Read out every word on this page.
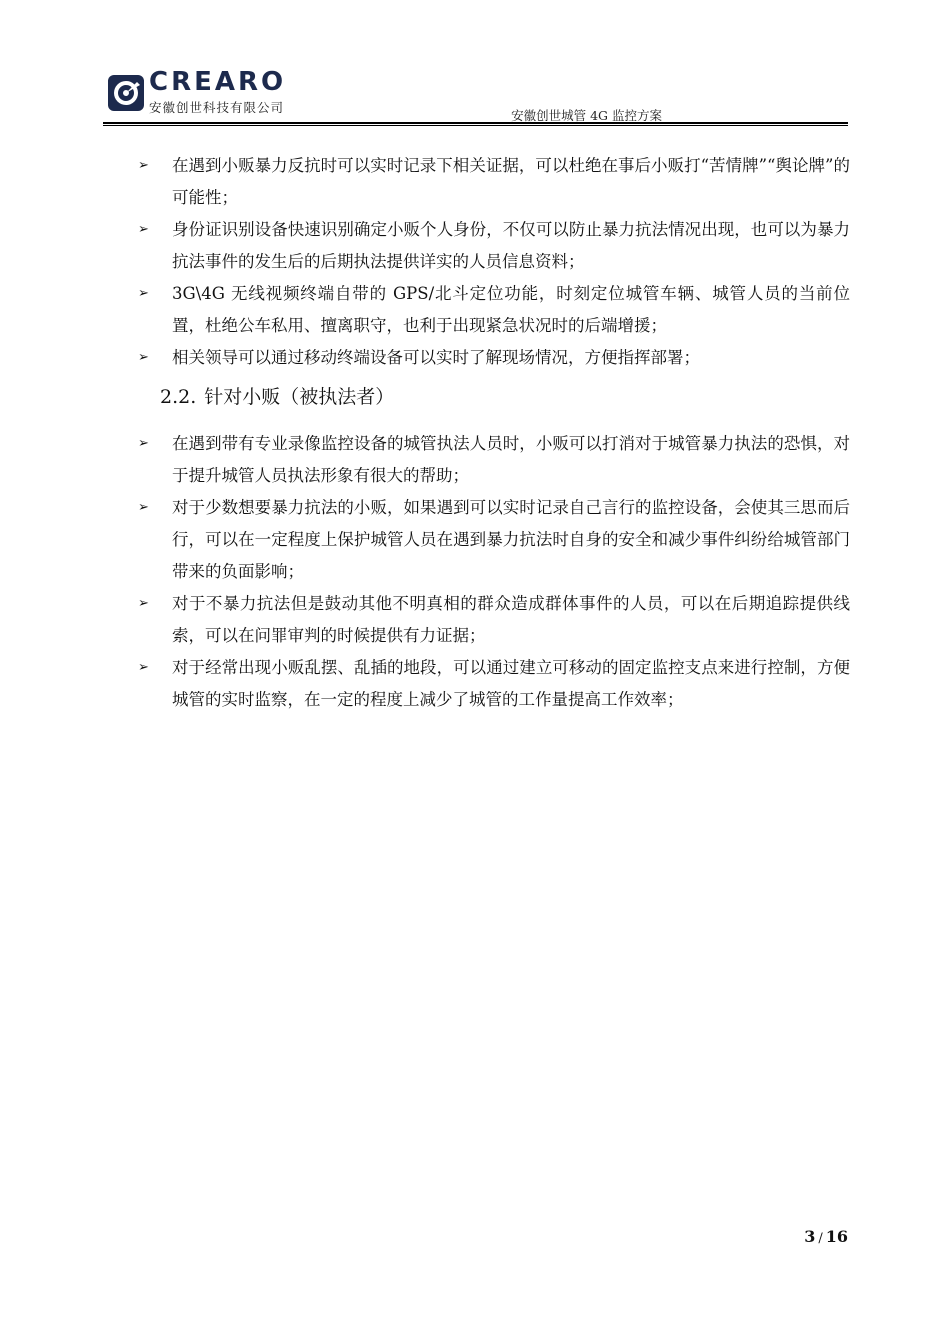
CREARO
安徽创世科技有限公司
安徽创世城管 4G 监控方案
➢ 在遇到小贩暴力反抗时可以实时记录下相关证据，可以杜绝在事后小贩打“苦情牌”“舆论牌”的可能性；
➢ 身份证识别设备快速识别确定小贩个人身份，不仅可以防止暴力抗法情况出现，也可以为暴力抗法事件的发生后的后期执法提供详实的人员信息资料；
➢ 3G\4G 无线视频终端自带的 GPS/北斗定位功能，时刻定位城管车辆、城管人员的当前位置，杜绝公车私用、擅离职守，也利于出现紧急状况时的后端增援；
➢ 相关领导可以通过移动终端设备可以实时了解现场情况，方便指挥部署；
2.2. 针对小贩（被执法者）
➢ 在遇到带有专业录像监控设备的城管执法人员时，小贩可以打消对于城管暴力执法的恐惧，对于提升城管人员执法形象有很大的帮助；
➢ 对于少数想要暴力抗法的小贩，如果遇到可以实时记录自己言行的监控设备，会使其三思而后行，可以在一定程度上保护城管人员在遇到暴力抗法时自身的安全和减少事件纠纷给城管部门带来的负面影响；
➢ 对于不暴力抗法但是鼓动其他不明真相的群众造成群体事件的人员，可以在后期追踪提供线索，可以在问罪审判的时候提供有力证据；
➢ 对于经常出现小贩乱摆、乱插的地段，可以通过建立可移动的固定监控支点来进行控制，方便城管的实时监察，在一定的程度上减少了城管的工作量提高工作效率；
3 / 16
